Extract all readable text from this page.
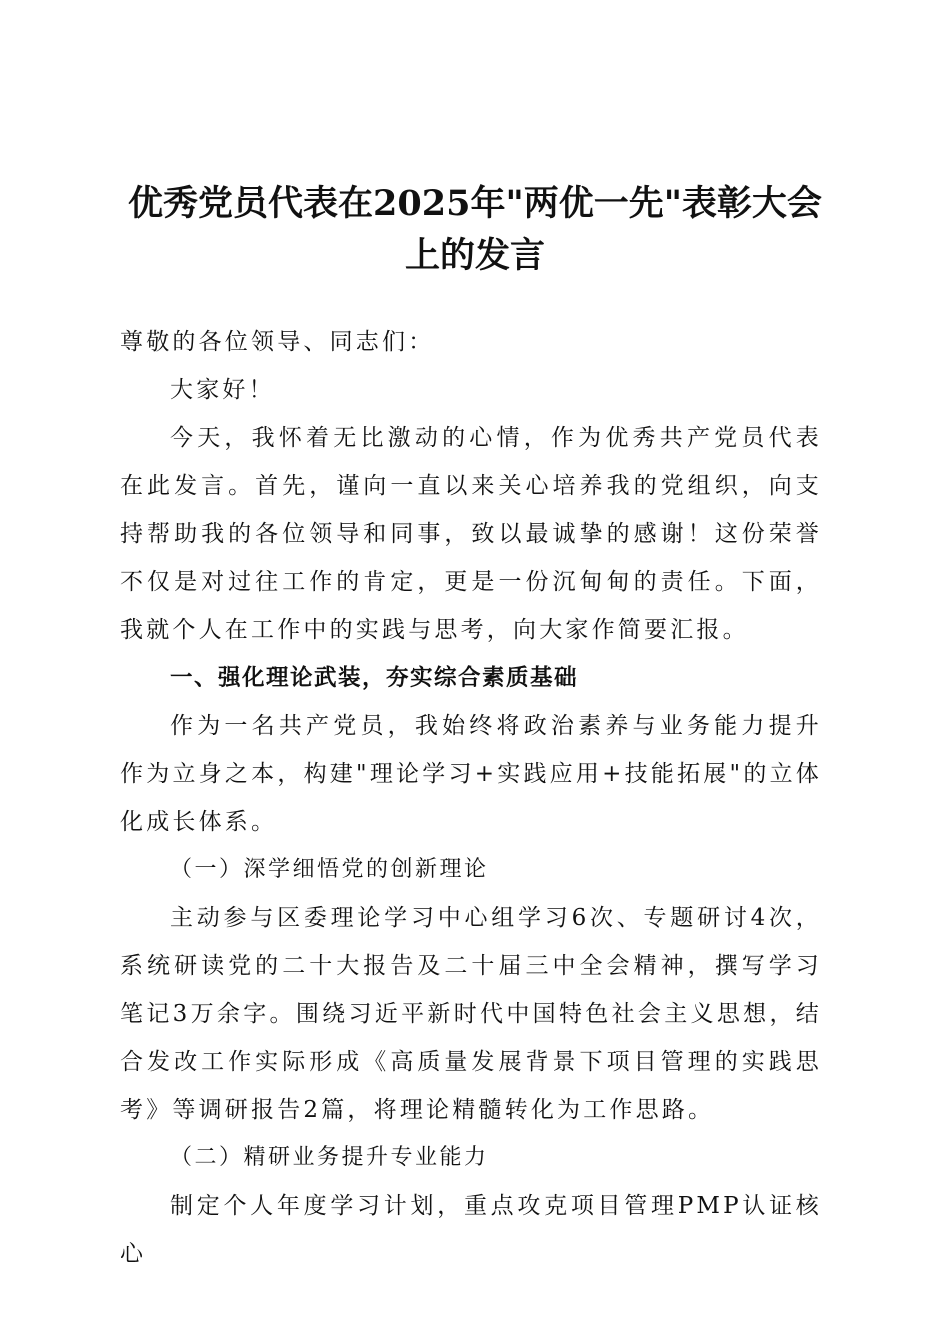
优秀党员代表在2025年"两优一先"表彰大会
上的发言

尊敬的各位领导、同志们：

大家好！

今天，我怀着无比激动的心情，作为优秀共产党员代表在此发言。首先，谨向一直以来关心培养我的党组织，向支持帮助我的各位领导和同事，致以最诚挚的感谢！这份荣誉不仅是对过往工作的肯定，更是一份沉甸甸的责任。下面，我就个人在工作中的实践与思考，向大家作简要汇报。

一、强化理论武装，夯实综合素质基础

作为一名共产党员，我始终将政治素养与业务能力提升作为立身之本，构建"理论学习+实践应用+技能拓展"的立体化成长体系。

（一）深学细悟党的创新理论

主动参与区委理论学习中心组学习6次、专题研讨4次，系统研读党的二十大报告及二十届三中全会精神，撰写学习笔记3万余字。围绕习近平新时代中国特色社会主义思想，结合发改工作实际形成《高质量发展背景下项目管理的实践思考》等调研报告2篇，将理论精髓转化为工作思路。

（二）精研业务提升专业能力

制定个人年度学习计划，重点攻克项目管理PMP认证核心
